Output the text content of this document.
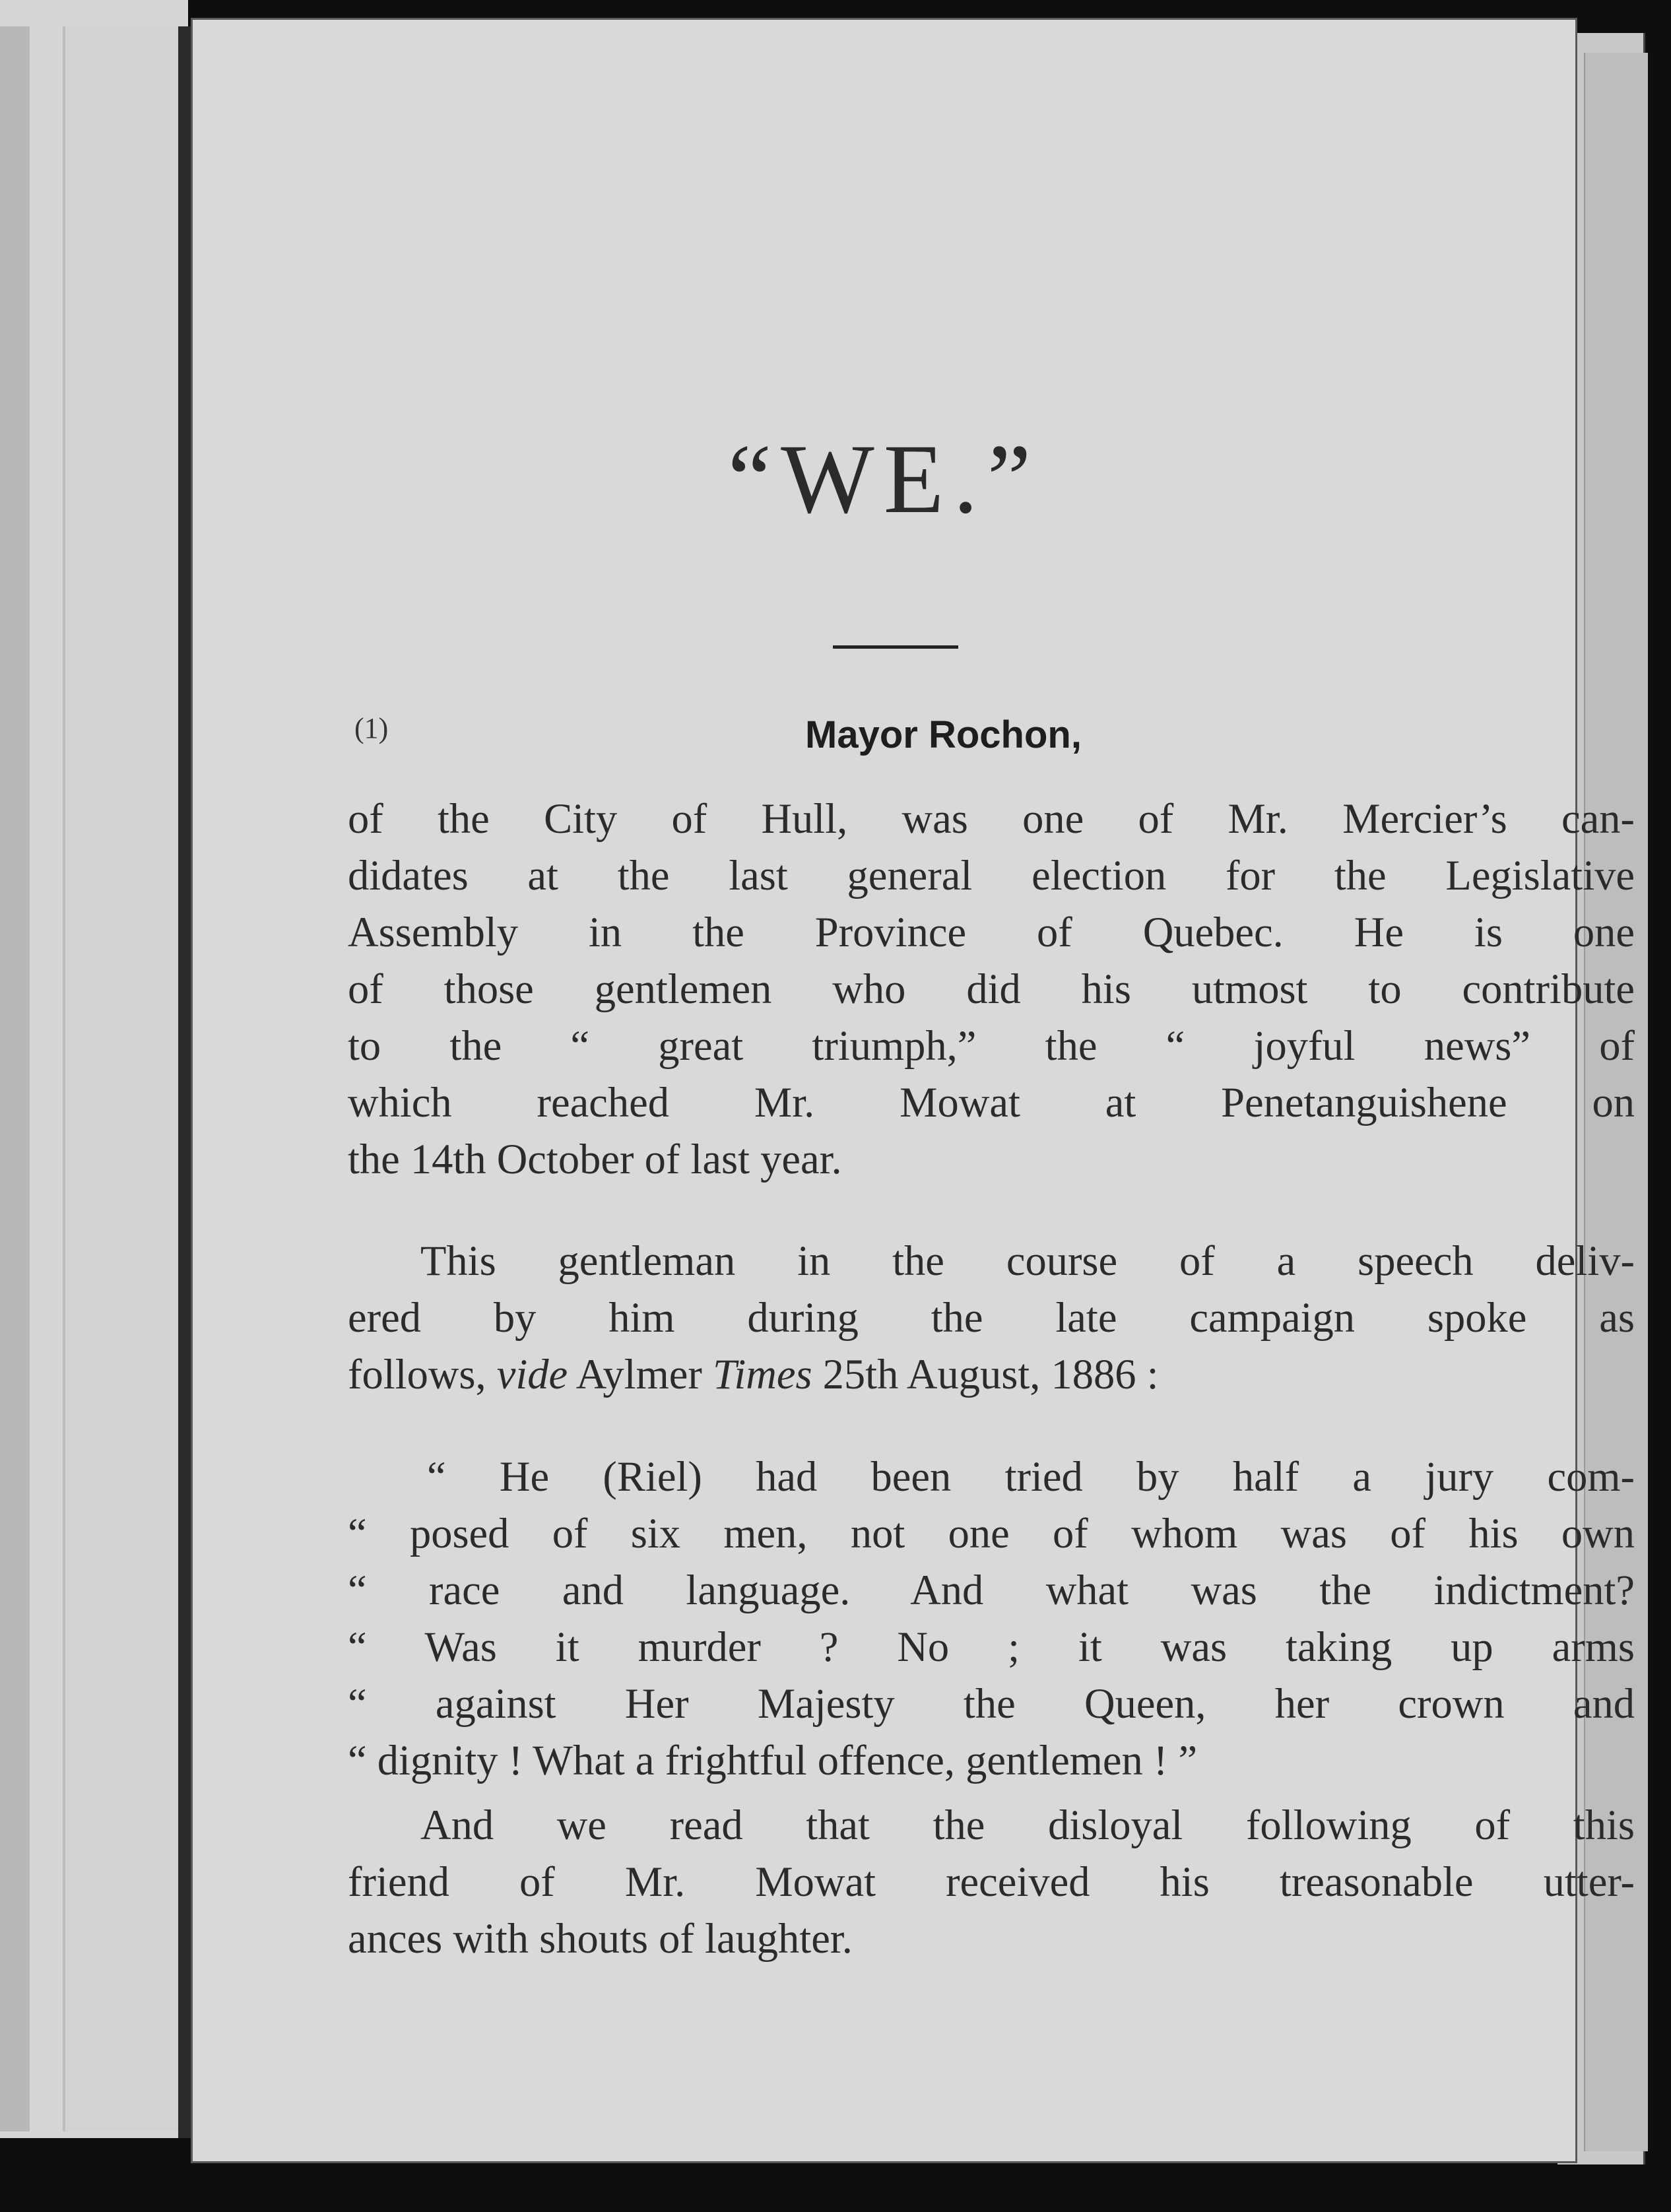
“WE.”
(1)	Mayor Rochon,
of the City of Hull, was one of Mr. Mercier’s can-
didates at the last general election for the Legislative
Assembly in the Province of Quebec. He is one
of those gentlemen who did his utmost to contribute
to the “ great triumph,” the “ joyful news” of
which reached Mr. Mowat at Penetanguishene on
the 14th October of last year.
This gentleman in the course of a speech deliv-
ered by him during the late campaign spoke as
follows, vide Aylmer Times 25th August, 1886 :
“ He (Riel) had been tried by half a jury com-
“ posed of six men, not one of whom was of his own
“ race and language. And what was the indictment?
“ Was it murder ? No ; it was taking up arms
“ against Her Majesty the Queen, her crown and
“ dignity ! What a frightful offence, gentlemen ! ”
And we read that the disloyal following of this
friend of Mr. Mowat received his treasonable utter-
ances with shouts of laughter.
